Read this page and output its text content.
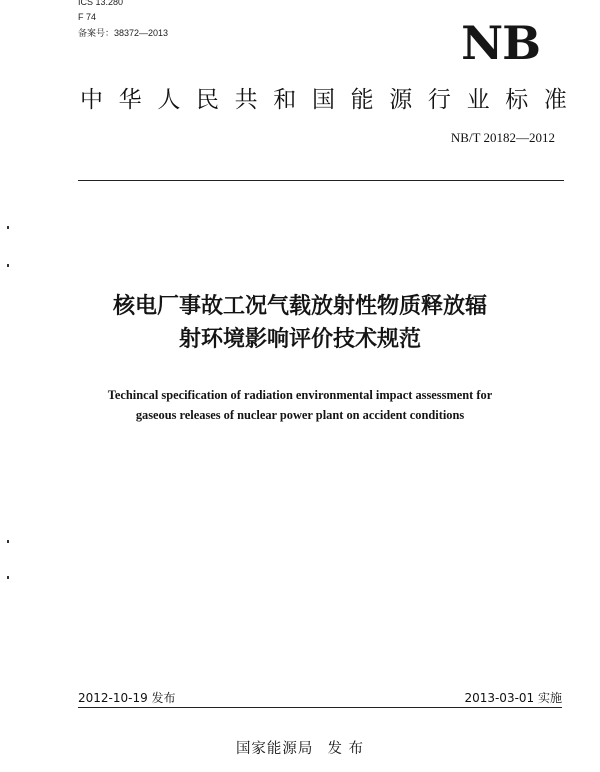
ICS 13.280
F 74
备案号：38372—2013	NB
中 华 人 民 共 和 国 能 源 行 业 标 准
NB/T 20182—2012
核电厂事故工况气载放射性物质释放辐
射环境影响评价技术规范
Techincal specification of radiation environmental impact assessment for
gaseous releases of nuclear power plant on accident conditions
2012-10-19 发布	2013-03-01 实施
国家能源局 发 布
